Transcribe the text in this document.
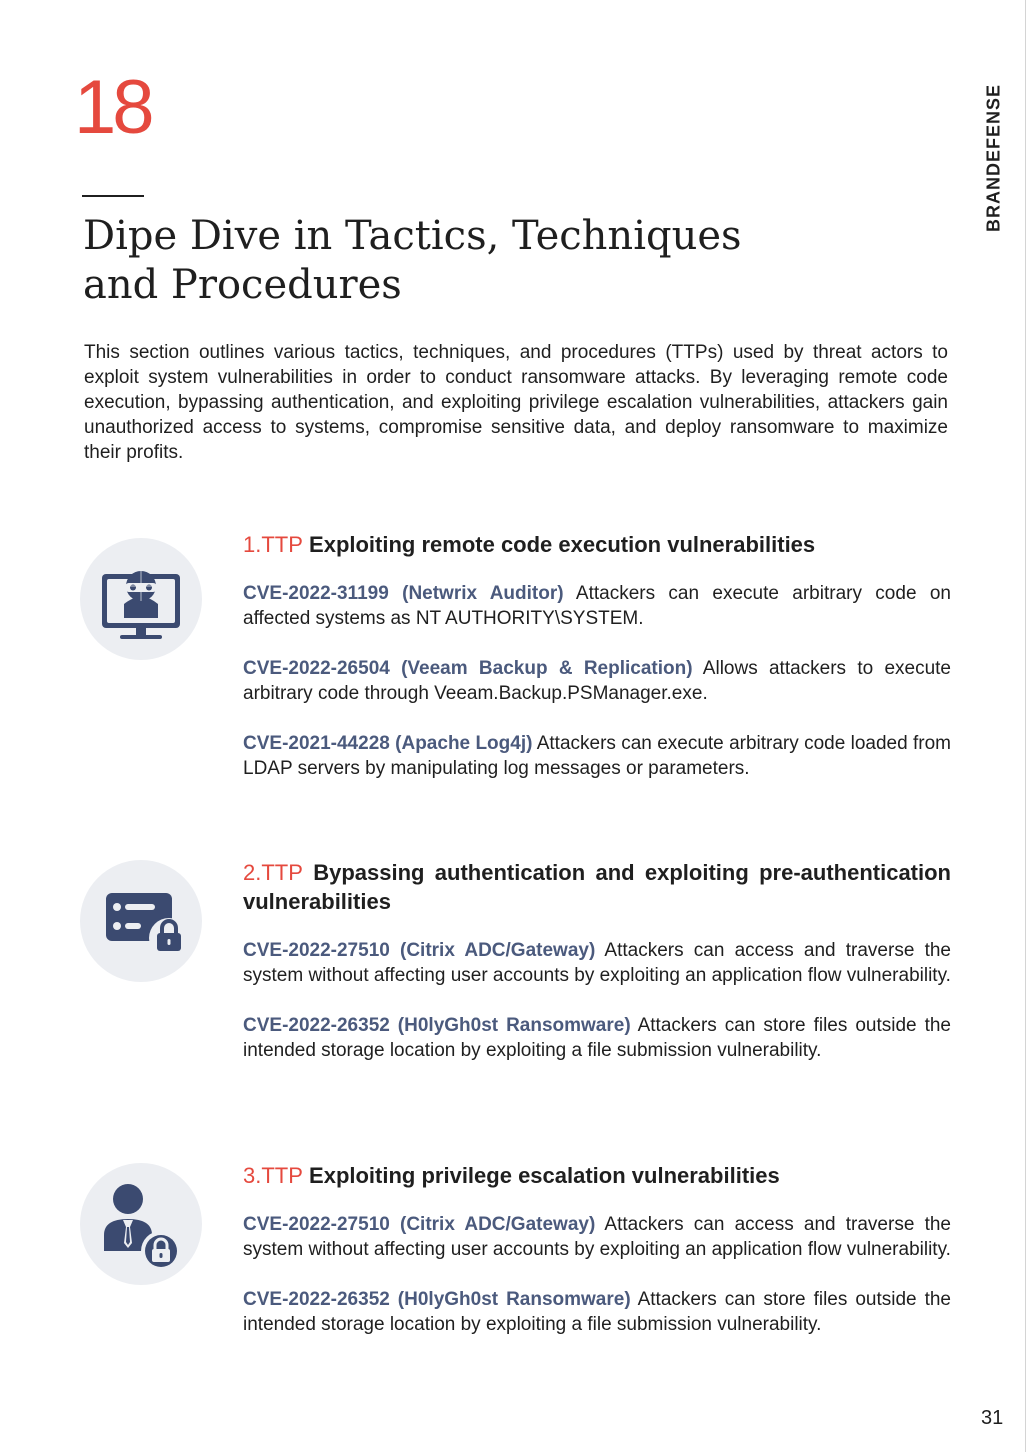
18
Dipe Dive in Tactics, Techniques
and Procedures
BRANDEFENSE

This section outlines various tactics, techniques, and procedures (TTPs) used by threat actors to exploit system vulnerabilities in order to conduct ransomware attacks. By leveraging remote code execution, bypassing authentication, and exploiting privilege escalation vulnerabilities, attackers gain unauthorized access to systems, compromise sensitive data, and deploy ransomware to maximize their profits.

1.TTP Exploiting remote code execution vulnerabilities

CVE-2022-31199 (Netwrix Auditor) Attackers can execute arbitrary code on affected systems as NT AUTHORITY\SYSTEM.

CVE-2022-26504 (Veeam Backup & Replication) Allows attackers to execute arbitrary code through Veeam.Backup.PSManager.exe.

CVE-2021-44228 (Apache Log4j) Attackers can execute arbitrary code loaded from LDAP servers by manipulating log messages or parameters.

2.TTP Bypassing authentication and exploiting pre-authentication vulnerabilities

CVE-2022-27510 (Citrix ADC/Gateway) Attackers can access and traverse the system without affecting user accounts by exploiting an application flow vulnerability.

CVE-2022-26352 (H0lyGh0st Ransomware) Attackers can store files outside the intended storage location by exploiting a file submission vulnerability.

3.TTP Exploiting privilege escalation vulnerabilities

CVE-2022-27510 (Citrix ADC/Gateway) Attackers can access and traverse the system without affecting user accounts by exploiting an application flow vulnerability.

CVE-2022-26352 (H0lyGh0st Ransomware) Attackers can store files outside the intended storage location by exploiting a file submission vulnerability.

31
